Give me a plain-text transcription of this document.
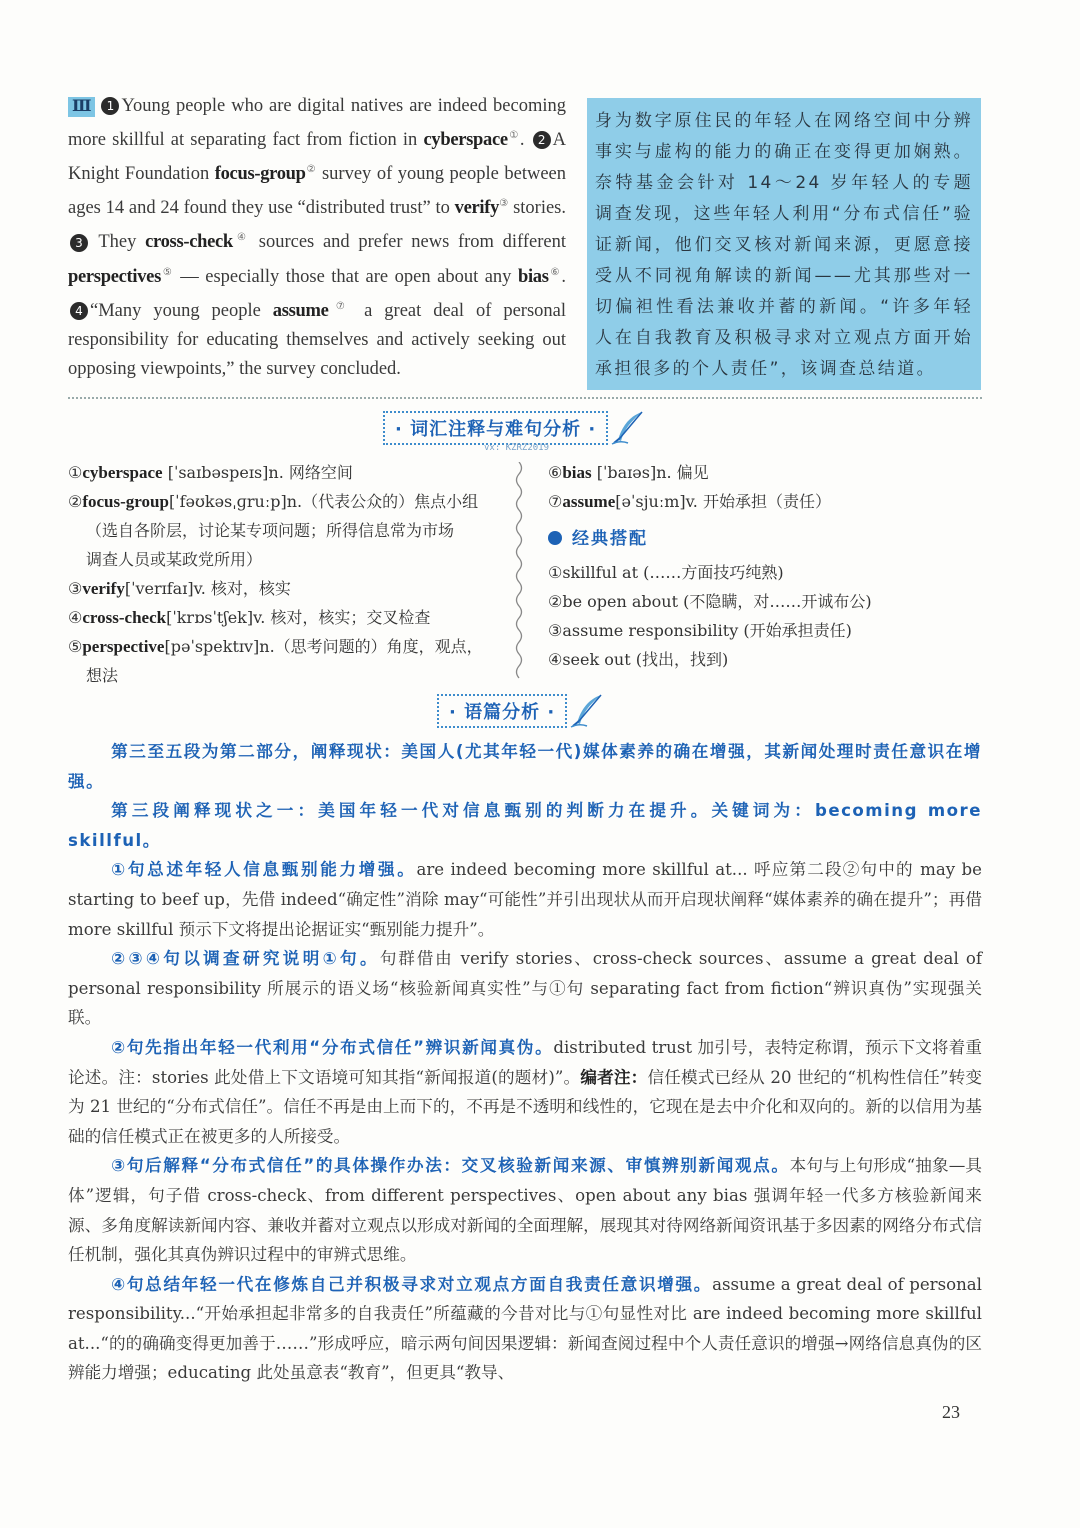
Ⅲ 1 Young people who are digital natives are indeed becoming more skillful at separating fact from fiction in cyberspace①. 2 A Knight Foundation focus-group② survey of young people between ages 14 and 24 found they use “distributed trust” to verify③ stories. 3 They cross-check④ sources and prefer news from different perspectives⑤ — especially those that are open about any bias⑥. 4 “Many young people assume⑦ a great deal of personal responsibility for educating themselves and actively seeking out opposing viewpoints,” the survey concluded.
身为数字原住民的年轻人在网络空间中分辨事实与虚构的能力的确正在变得更加娴熟。奈特基金会针对 14～24 岁年轻人的专题调查发现，这些年轻人利用“分布式信任”验证新闻，他们交叉核对新闻来源，更愿意接受从不同视角解读的新闻——尤其那些对一切偏袒性看法兼收并蓄的新闻。“许多年轻人在自我教育及积极寻求对立观点方面开始承担很多的个人责任”，该调查总结道。
· 词汇注释与难句分析 ·
vx: KZRZ2019
①cyberspace [ˈsaɪbəspeɪs]n. 网络空间
②focus-group[ˈfəʊkəsˌɡruːp]n.（代表公众的）焦点小组
（选自各阶层，讨论某专项问题；所得信息常为市场
调查人员或某政党所用）
③verify[ˈverɪfaɪ]v. 核对，核实
④cross-check[ˈkrɒsˈtʃek]v. 核对，核实；交叉检查
⑤perspective[pəˈspektɪv]n.（思考问题的）角度，观点，
想法
⑥bias [ˈbaɪəs]n. 偏见
⑦assume[əˈsjuːm]v. 开始承担（责任）
经典搭配
①skillful at (……方面技巧纯熟)
②be open about (不隐瞒，对……开诚布公)
③assume responsibility (开始承担责任)
④seek out (找出，找到)
· 语篇分析 ·

第三至五段为第二部分，阐释现状：美国人(尤其年轻一代)媒体素养的确在增强，其新闻处理时责任意识在增强。

第三段阐释现状之一：美国年轻一代对信息甄别的判断力在提升。关键词为：becoming more skillful。

①句总述年轻人信息甄别能力增强。are indeed becoming more skillful at... 呼应第二段②句中的 may be starting to beef up，先借 indeed“确定性”消除 may“可能性”并引出现状从而开启现状阐释“媒体素养的确在提升”；再借 more skillful 预示下文将提出论据证实“甄别能力提升”。

②③④句以调查研究说明①句。句群借由 verify stories、cross-check sources、assume a great deal of personal responsibility 所展示的语义场“核验新闻真实性”与①句 separating fact from fiction“辨识真伪”实现强关联。

②句先指出年轻一代利用“分布式信任”辨识新闻真伪。distributed trust 加引号，表特定称谓，预示下文将着重论述。注：stories 此处借上下文语境可知其指“新闻报道(的题材)”。编者注：信任模式已经从 20 世纪的“机构性信任”转变为 21 世纪的“分布式信任”。信任不再是由上而下的，不再是不透明和线性的，它现在是去中介化和双向的。新的以信用为基础的信任模式正在被更多的人所接受。

③句后解释“分布式信任”的具体操作办法：交叉核验新闻来源、审慎辨别新闻观点。本句与上句形成“抽象—具体”逻辑，句子借 cross-check、from different perspectives、open about any bias 强调年轻一代多方核验新闻来源、多角度解读新闻内容、兼收并蓄对立观点以形成对新闻的全面理解，展现其对待网络新闻资讯基于多因素的网络分布式信任机制，强化其真伪辨识过程中的审辨式思维。

④句总结年轻一代在修炼自己并积极寻求对立观点方面自我责任意识增强。assume a great deal of personal responsibility...“开始承担起非常多的自我责任”所蕴藏的今昔对比与①句显性对比 are indeed becoming more skillful at...“的的确确变得更加善于……”形成呼应，暗示两句间因果逻辑：新闻查阅过程中个人责任意识的增强→网络信息真伪的区辨能力增强；educating 此处虽意表“教育”，但更具“教导、

23
